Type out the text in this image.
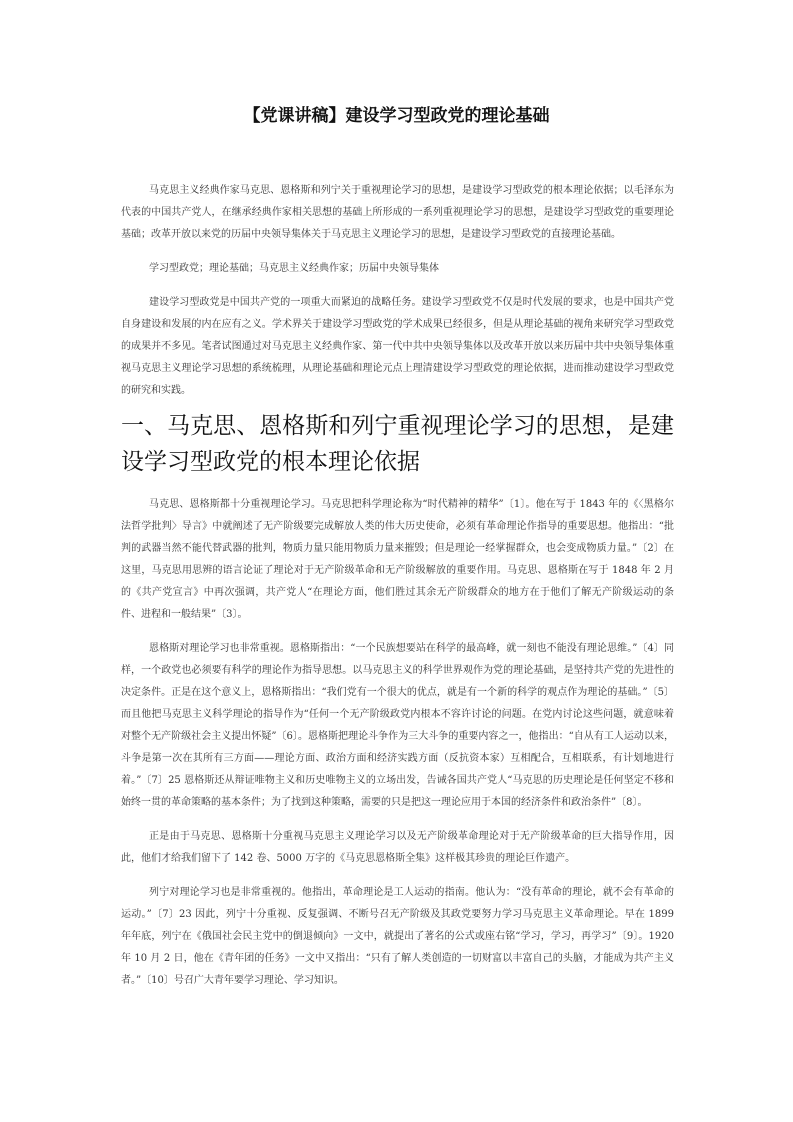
【党课讲稿】建设学习型政党的理论基础

马克思主义经典作家马克思、恩格斯和列宁关于重视理论学习的思想，是建设学习型政党的根本理论依据；以毛泽东为代表的中国共产党人，在继承经典作家相关思想的基础上所形成的一系列重视理论学习的思想，是建设学习型政党的重要理论基础；改革开放以来党的历届中央领导集体关于马克思主义理论学习的思想，是建设学习型政党的直接理论基础。

学习型政党；理论基础；马克思主义经典作家；历届中央领导集体

建设学习型政党是中国共产党的一项重大而紧迫的战略任务。建设学习型政党不仅是时代发展的要求，也是中国共产党自身建设和发展的内在应有之义。学术界关于建设学习型政党的学术成果已经很多，但是从理论基础的视角来研究学习型政党的成果并不多见。笔者试图通过对马克思主义经典作家、第一代中共中央领导集体以及改革开放以来历届中共中央领导集体重视马克思主义理论学习思想的系统梳理，从理论基础和理论元点上理清建设学习型政党的理论依据，进而推动建设学习型政党的研究和实践。

一、马克思、恩格斯和列宁重视理论学习的思想，是建设学习型政党的根本理论依据

马克思、恩格斯都十分重视理论学习。马克思把科学理论称为“时代精神的精华”〔1〕。他在写于 1843 年的《〈黑格尔法哲学批判〉导言》中就阐述了无产阶级要完成解放人类的伟大历史使命，必须有革命理论作指导的重要思想。他指出：“批判的武器当然不能代替武器的批判，物质力量只能用物质力量来摧毁；但是理论一经掌握群众，也会变成物质力量。”〔2〕在这里，马克思用思辨的语言论证了理论对于无产阶级革命和无产阶级解放的重要作用。马克思、恩格斯在写于 1848 年 2 月的《共产党宣言》中再次强调，共产党人“在理论方面，他们胜过其余无产阶级群众的地方在于他们了解无产阶级运动的条件、进程和一般结果”〔3〕。

恩格斯对理论学习也非常重视。恩格斯指出：“一个民族想要站在科学的最高峰，就一刻也不能没有理论思维。”〔4〕同样，一个政党也必须要有科学的理论作为指导思想。以马克思主义的科学世界观作为党的理论基础，是坚持共产党的先进性的决定条件。正是在这个意义上，恩格斯指出：“我们党有一个很大的优点，就是有一个新的科学的观点作为理论的基础。”〔5〕而且他把马克思主义科学理论的指导作为“任何一个无产阶级政党内根本不容许讨论的问题。在党内讨论这些问题，就意味着对整个无产阶级社会主义提出怀疑”〔6〕。恩格斯把理论斗争作为三大斗争的重要内容之一，他指出：“自从有工人运动以来，斗争是第一次在其所有三方面——理论方面、政治方面和经济实践方面（反抗资本家）互相配合，互相联系，有计划地进行着。”〔7〕25 恩格斯还从辩证唯物主义和历史唯物主义的立场出发，告诫各国共产党人“马克思的历史理论是任何坚定不移和始终一贯的革命策略的基本条件；为了找到这种策略，需要的只是把这一理论应用于本国的经济条件和政治条件”〔8〕。

正是由于马克思、恩格斯十分重视马克思主义理论学习以及无产阶级革命理论对于无产阶级革命的巨大指导作用，因此，他们才给我们留下了 142 卷、5000 万字的《马克思恩格斯全集》这样极其珍贵的理论巨作遗产。

列宁对理论学习也是非常重视的。他指出，革命理论是工人运动的指南。他认为：“没有革命的理论，就不会有革命的运动。”〔7〕23 因此，列宁十分重视、反复强调、不断号召无产阶级及其政党要努力学习马克思主义革命理论。早在 1899 年年底，列宁在《俄国社会民主党中的倒退倾向》一文中，就提出了著名的公式或座右铭“学习，学习，再学习”〔9〕。1920 年 10 月 2 日，他在《青年团的任务》一文中又指出：“只有了解人类创造的一切财富以丰富自己的头脑，才能成为共产主义者。”〔10〕号召广大青年要学习理论、学习知识。
